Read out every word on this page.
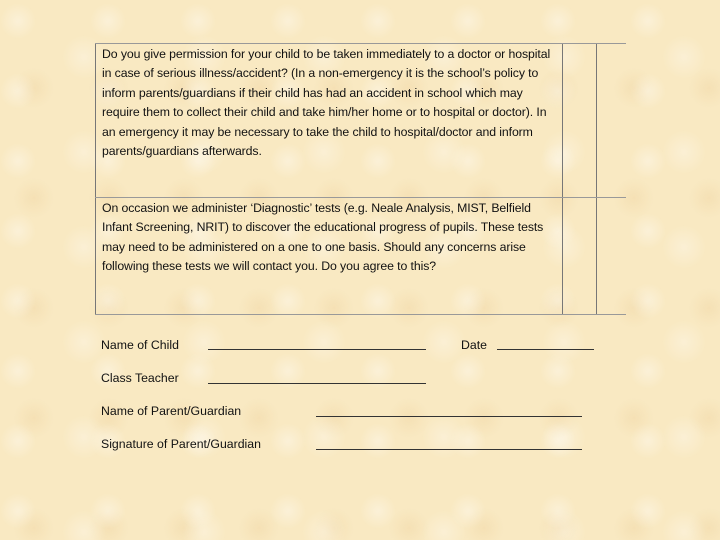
Do you give permission for your child to be taken immediately to a doctor or hospital in case of serious illness/accident? (In a non-emergency it is the school’s policy to inform parents/guardians if their child has had an accident in school which may require them to collect their child and take him/her home or to hospital or doctor). In an emergency it may be necessary to take the child to hospital/doctor and inform parents/guardians afterwards.		
On occasion we administer ‘Diagnostic’ tests (e.g. Neale Analysis, MIST, Belfield Infant Screening, NRIT) to discover the educational progress of pupils. These tests may need to be administered on a one to one basis. Should any concerns arise following these tests we will contact you. Do you agree to this?		
Name of Child	Date
Class Teacher
Name of Parent/Guardian
Signature of Parent/Guardian
